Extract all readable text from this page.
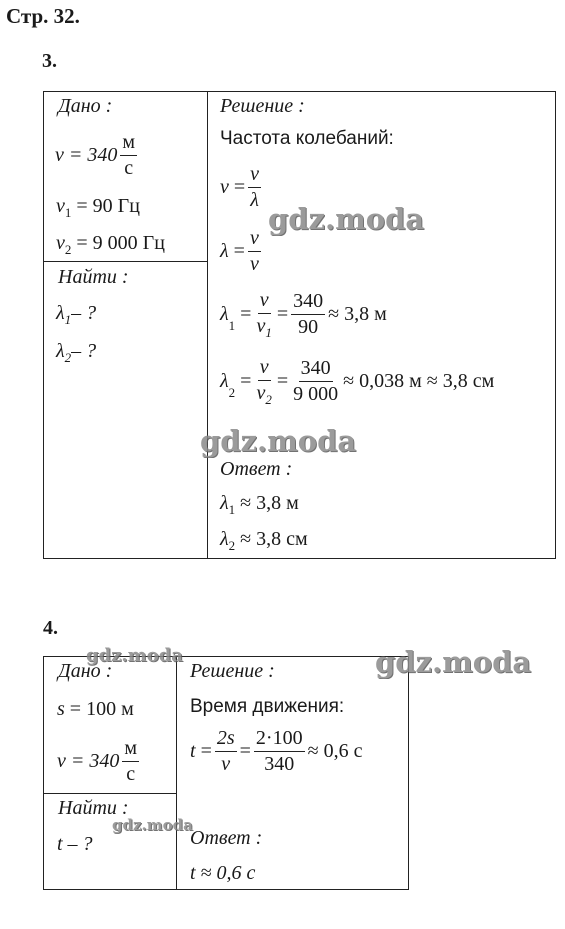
Стр. 32.
3.
Дано :
$v = 340 \frac{м}{с}$
$\nu_1 = 90$ Гц
$\nu_2 = 9$ 000 Гц
Найти :
$\lambda_1-$ ?
$\lambda_2-$ ?
Решение :
Частота колебаний:
$\nu = \frac{v}{\lambda}$
$\lambda = \frac{v}{\nu}$
$\lambda_1 = \frac{v}{\nu_1} = \frac{340}{90} \approx 3,8$ м
$\lambda_2 = \frac{v}{\nu_2} = \frac{340}{9 000} \approx 0,038$ м ≈ 3,8 см
Ответ :
$\lambda_1 \approx 3,8$ м
$\lambda_2 \approx 3,8$ см
4.
Дано :
s = 100 м
$v = 340 \frac{м}{с}$
Найти :
t – ?
Решение :
Время движения:
$t = \frac{2s}{v} = \frac{2\cdot 100}{340} \approx 0,6$ с
Ответ :
t ≈ 0,6 с
gdz.moda
gdz.moda
gdz.moda	gdz.moda
gdz.moda
